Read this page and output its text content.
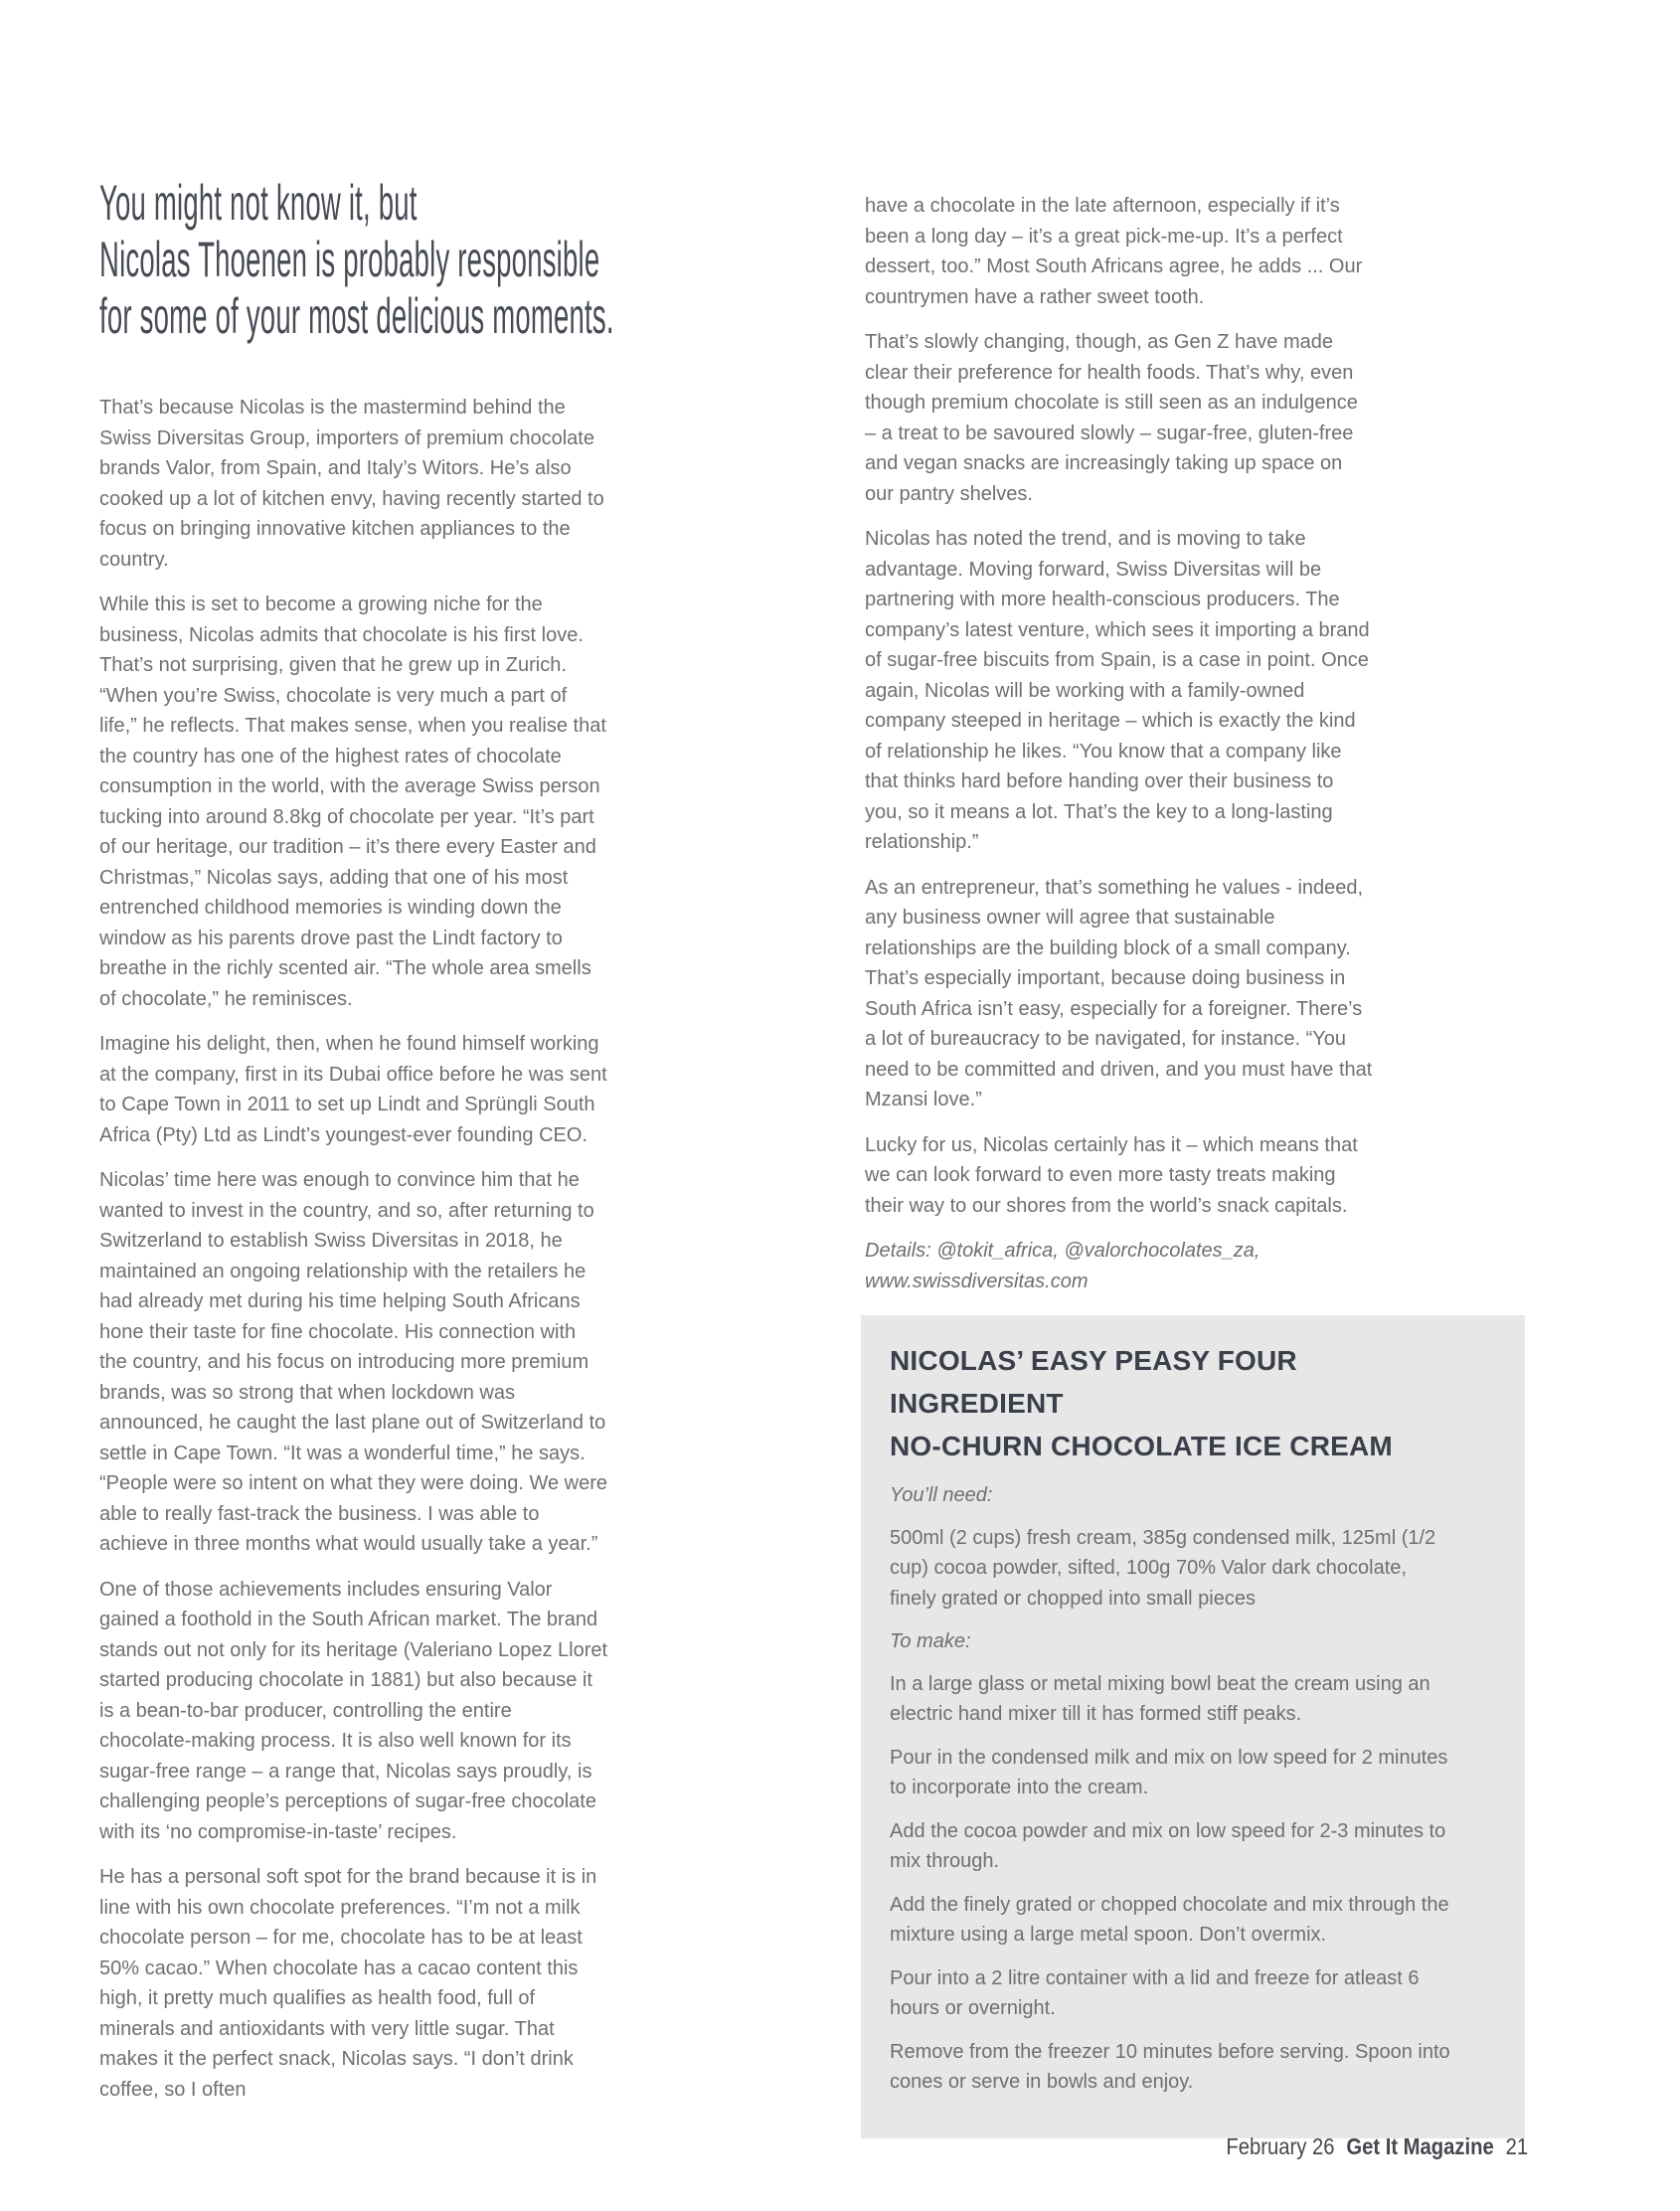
You might not know it, but
Nicolas Thoenen is probably responsible
for some of your most delicious moments.

That’s because Nicolas is the mastermind behind the Swiss Diversitas Group, importers of premium chocolate brands Valor, from Spain, and Italy’s Witors. He’s also cooked up a lot of kitchen envy, having recently started to focus on bringing innovative kitchen appliances to the country.

While this is set to become a growing niche for the business, Nicolas admits that chocolate is his first love. That’s not surprising, given that he grew up in Zurich. “When you’re Swiss, chocolate is very much a part of life,” he reflects. That makes sense, when you realise that the country has one of the highest rates of chocolate consumption in the world, with the average Swiss person tucking into around 8.8kg of chocolate per year. “It’s part of our heritage, our tradition – it’s there every Easter and Christmas,” Nicolas says, adding that one of his most entrenched childhood memories is winding down the window as his parents drove past the Lindt factory to breathe in the richly scented air. “The whole area smells of chocolate,” he reminisces.

Imagine his delight, then, when he found himself working at the company, first in its Dubai office before he was sent to Cape Town in 2011 to set up Lindt and Sprüngli South Africa (Pty) Ltd as Lindt’s youngest-ever founding CEO.

Nicolas’ time here was enough to convince him that he wanted to invest in the country, and so, after returning to Switzerland to establish Swiss Diversitas in 2018, he maintained an ongoing relationship with the retailers he had already met during his time helping South Africans hone their taste for fine chocolate. His connection with the country, and his focus on introducing more premium brands, was so strong that when lockdown was announced, he caught the last plane out of Switzerland to settle in Cape Town. “It was a wonderful time,” he says. “People were so intent on what they were doing. We were able to really fast-track the business. I was able to achieve in three months what would usually take a year.”

One of those achievements includes ensuring Valor gained a foothold in the South African market. The brand stands out not only for its heritage (Valeriano Lopez Lloret started producing chocolate in 1881) but also because it is a bean-to-bar producer, controlling the entire chocolate-making process. It is also well known for its sugar-free range – a range that, Nicolas says proudly, is challenging people’s perceptions of sugar-free chocolate with its ‘no compromise-in-taste’ recipes.

He has a personal soft spot for the brand because it is in line with his own chocolate preferences. “I’m not a milk chocolate person – for me, chocolate has to be at least 50% cacao.” When chocolate has a cacao content this high, it pretty much qualifies as health food, full of minerals and antioxidants with very little sugar. That makes it the perfect snack, Nicolas says. “I don’t drink coffee, so I often

have a chocolate in the late afternoon, especially if it’s been a long day – it’s a great pick-me-up. It’s a perfect dessert, too.” Most South Africans agree, he adds ... Our countrymen have a rather sweet tooth.

That’s slowly changing, though, as Gen Z have made clear their preference for health foods. That’s why, even though premium chocolate is still seen as an indulgence – a treat to be savoured slowly – sugar-free, gluten-free and vegan snacks are increasingly taking up space on our pantry shelves.

Nicolas has noted the trend, and is moving to take advantage. Moving forward, Swiss Diversitas will be partnering with more health-conscious producers. The company’s latest venture, which sees it importing a brand of sugar-free biscuits from Spain, is a case in point. Once again, Nicolas will be working with a family-owned company steeped in heritage – which is exactly the kind of relationship he likes. “You know that a company like that thinks hard before handing over their business to you, so it means a lot. That’s the key to a long-lasting relationship.”

As an entrepreneur, that’s something he values - indeed, any business owner will agree that sustainable relationships are the building block of a small company. That’s especially important, because doing business in South Africa isn’t easy, especially for a foreigner. There’s a lot of bureaucracy to be navigated, for instance. “You need to be committed and driven, and you must have that Mzansi love.”

Lucky for us, Nicolas certainly has it – which means that we can look forward to even more tasty treats making their way to our shores from the world’s snack capitals.

Details: @tokit_africa, @valorchocolates_za, www.swissdiversitas.com

NICOLAS’ EASY PEASY FOUR INGREDIENT
NO-CHURN CHOCOLATE ICE CREAM

You’ll need:

500ml (2 cups) fresh cream, 385g condensed milk, 125ml (1/2 cup) cocoa powder, sifted, 100g 70% Valor dark chocolate, finely grated or chopped into small pieces

To make:

In a large glass or metal mixing bowl beat the cream using an electric hand mixer till it has formed stiff peaks.

Pour in the condensed milk and mix on low speed for 2 minutes to incorporate into the cream.

Add the cocoa powder and mix on low speed for 2-3 minutes to mix through.

Add the finely grated or chopped chocolate and mix through the mixture using a large metal spoon. Don’t overmix.

Pour into a 2 litre container with a lid and freeze for atleast 6 hours or overnight.

Remove from the freezer 10 minutes before serving. Spoon into cones or serve in bowls and enjoy.

February 26 Get It Magazine 21
